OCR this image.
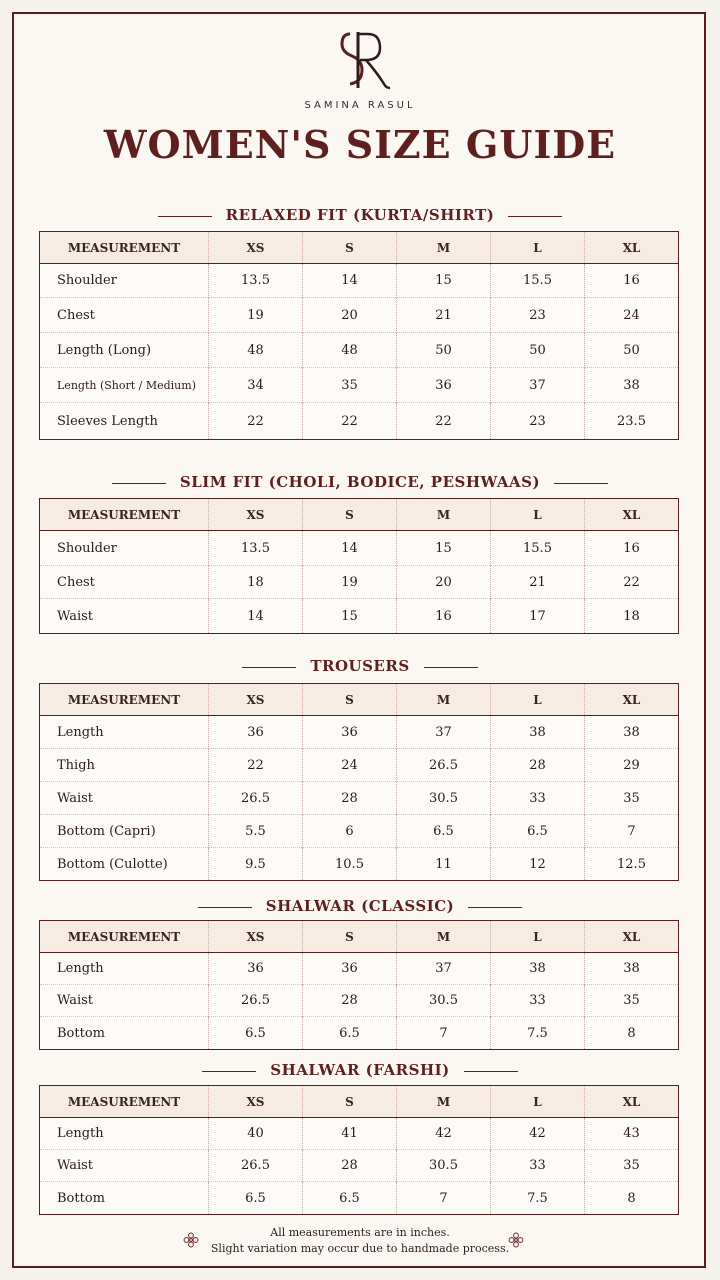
SAMINA RASUL
WOMEN'S SIZE GUIDE
RELAXED FIT (KURTA/SHIRT)
MEASUREMENT	XS	S	M	L	XL
Shoulder	13.5	14	15	15.5	16
Chest	19	20	21	23	24
Length (Long)	48	48	50	50	50
Length (Short / Medium)	34	35	36	37	38
Sleeves Length	22	22	22	23	23.5
SLIM FIT (CHOLI, BODICE, PESHWAAS)
MEASUREMENT	XS	S	M	L	XL
Shoulder	13.5	14	15	15.5	16
Chest	18	19	20	21	22
Waist	14	15	16	17	18
TROUSERS
MEASUREMENT	XS	S	M	L	XL
Length	36	36	37	38	38
Thigh	22	24	26.5	28	29
Waist	26.5	28	30.5	33	35
Bottom (Capri)	5.5	6	6.5	6.5	7
Bottom (Culotte)	9.5	10.5	11	12	12.5
SHALWAR (CLASSIC)
MEASUREMENT	XS	S	M	L	XL
Length	36	36	37	38	38
Waist	26.5	28	30.5	33	35
Bottom	6.5	6.5	7	7.5	8
SHALWAR (FARSHI)
MEASUREMENT	XS	S	M	L	XL
Length	40	41	42	42	43
Waist	26.5	28	30.5	33	35
Bottom	6.5	6.5	7	7.5	8
All measurements are in inches.
Slight variation may occur due to handmade process.
